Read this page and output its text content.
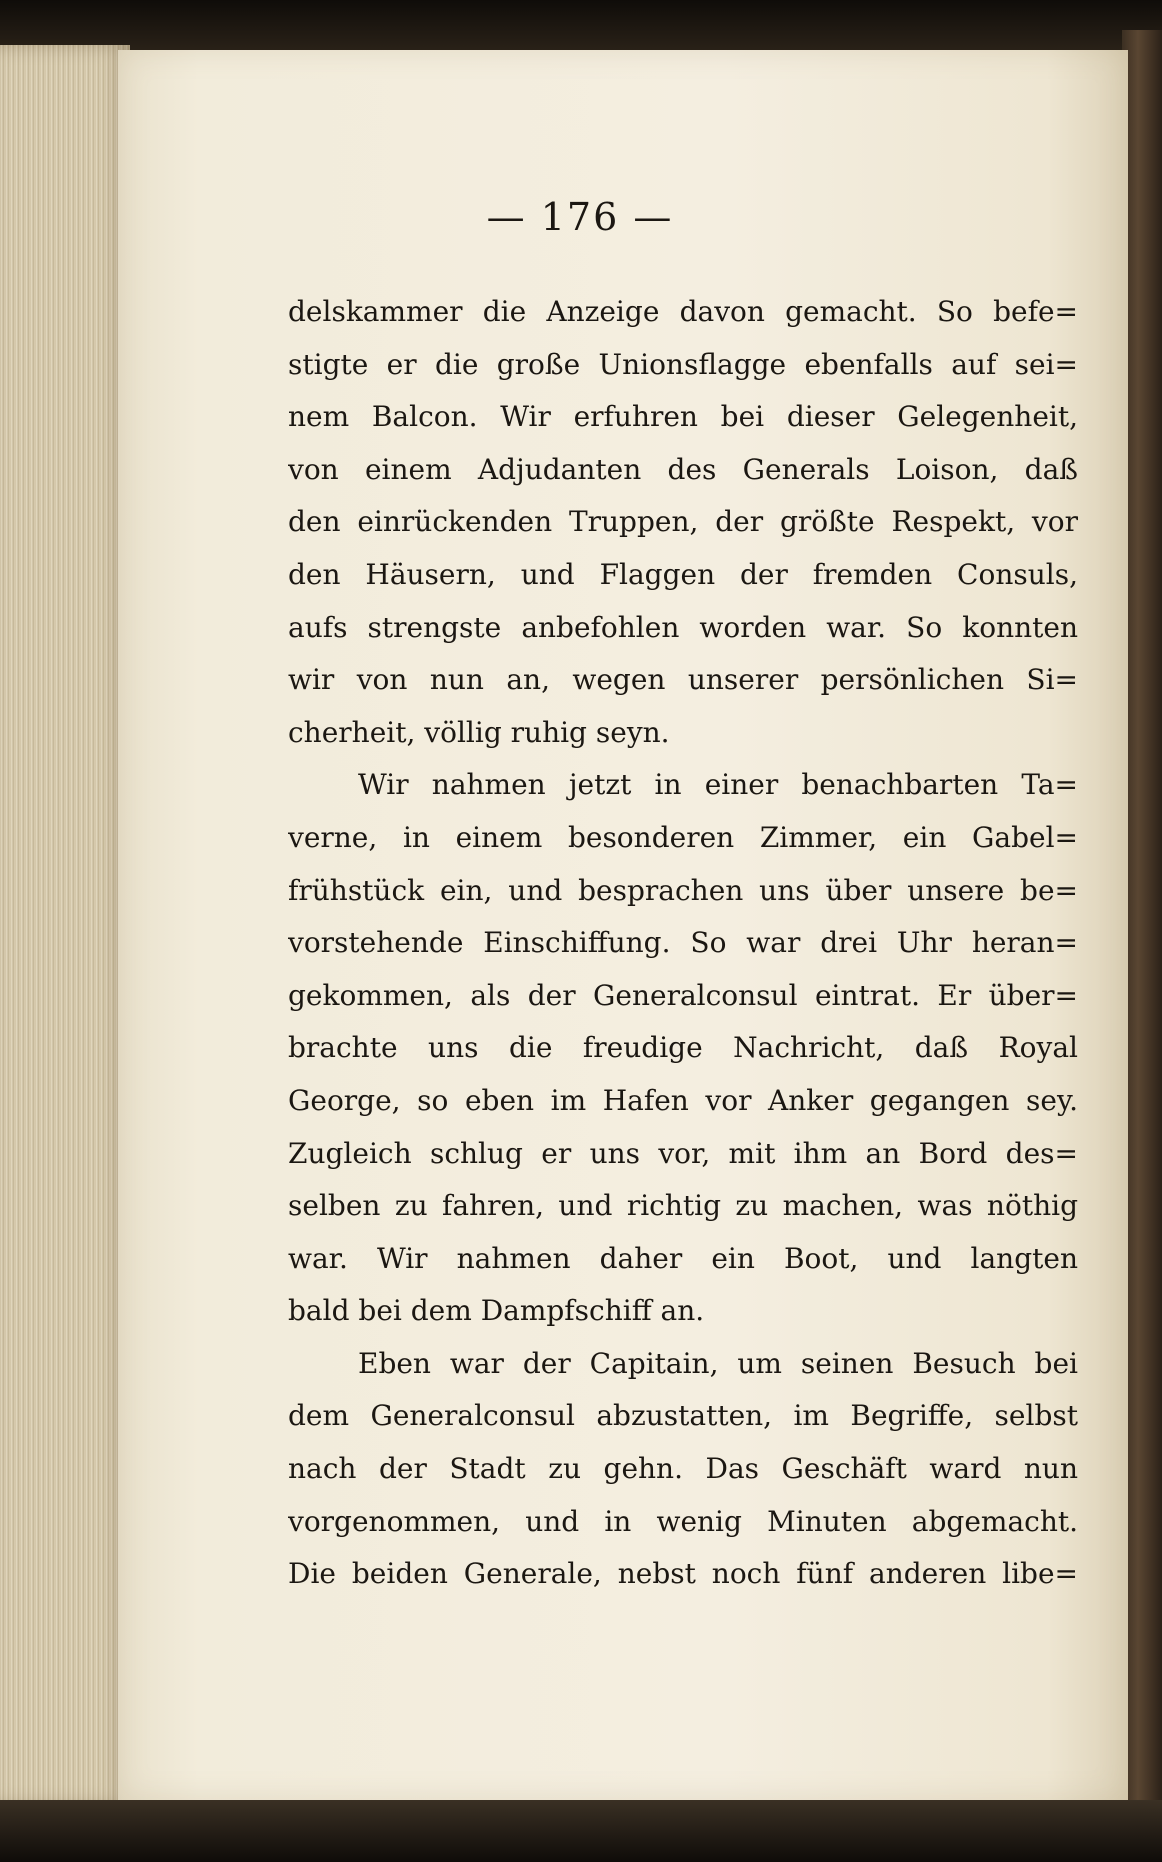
— 176 —
delskammer die Anzeige davon gemacht. So befe=
stigte er die große Unionsflagge ebenfalls auf sei=
nem Balcon. Wir erfuhren bei dieser Gelegenheit,
von einem Adjudanten des Generals Loison, daß
den einrückenden Truppen, der größte Respekt, vor
den Häusern, und Flaggen der fremden Consuls,
aufs strengste anbefohlen worden war. So konnten
wir von nun an, wegen unserer persönlichen Si=
cherheit, völlig ruhig seyn.
Wir nahmen jetzt in einer benachbarten Ta=
verne, in einem besonderen Zimmer, ein Gabel=
frühstück ein, und besprachen uns über unsere be=
vorstehende Einschiffung. So war drei Uhr heran=
gekommen, als der Generalconsul eintrat. Er über=
brachte uns die freudige Nachricht, daß Royal
George, so eben im Hafen vor Anker gegangen sey.
Zugleich schlug er uns vor, mit ihm an Bord des=
selben zu fahren, und richtig zu machen, was nöthig
war. Wir nahmen daher ein Boot, und langten
bald bei dem Dampfschiff an.
Eben war der Capitain, um seinen Besuch bei
dem Generalconsul abzustatten, im Begriffe, selbst
nach der Stadt zu gehn. Das Geschäft ward nun
vorgenommen, und in wenig Minuten abgemacht.
Die beiden Generale, nebst noch fünf anderen libe=
